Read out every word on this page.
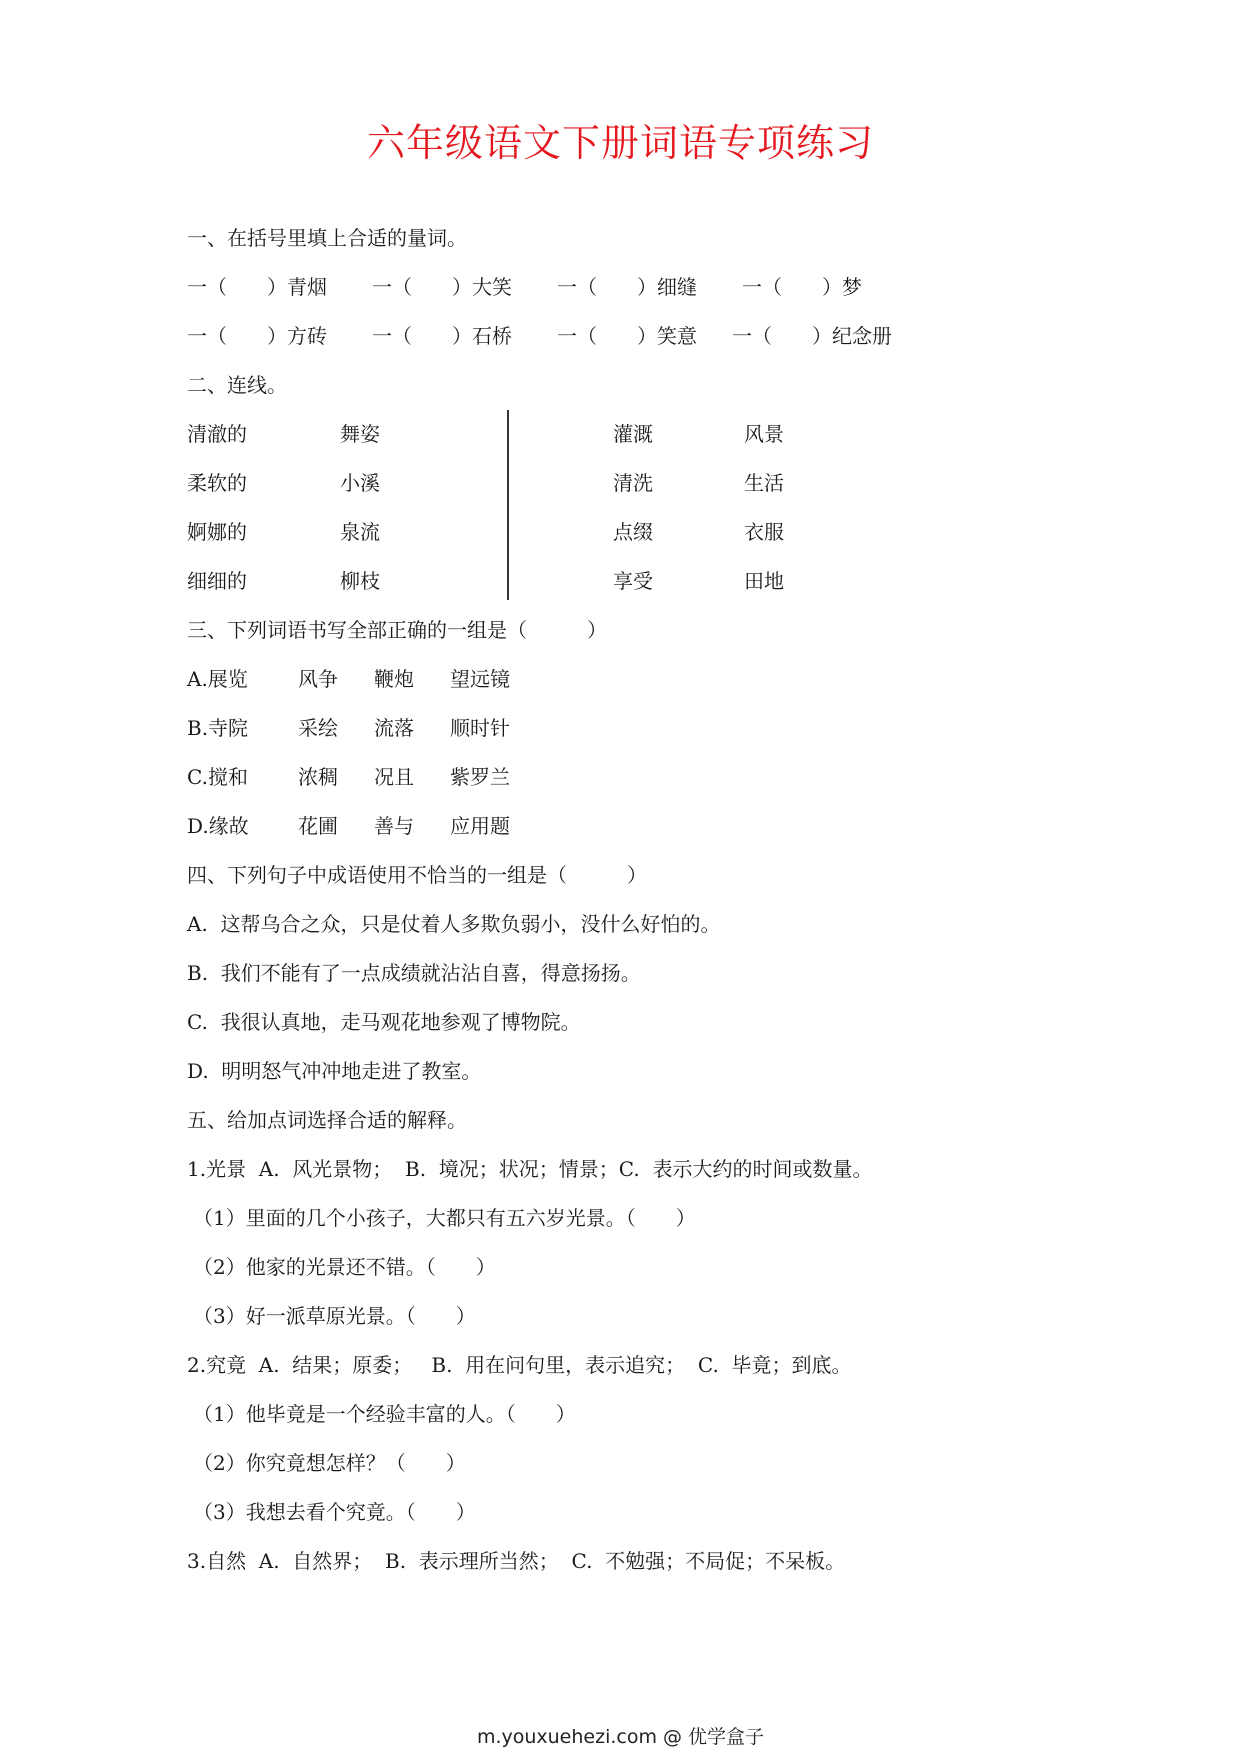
六年级语文下册词语专项练习
一、在括号里填上合适的量词。
一（　　）青烟 一（　　）大笑 一（　　）细缝 一（　　）梦
一（　　）方砖 一（　　）石桥 一（　　）笑意 一（　　）纪念册
二、连线。
清澈的	舞姿	灌溉	风景
柔软的	小溪	清洗	生活
婀娜的	泉流	点缀	衣服
细细的	柳枝	享受	田地
三、下列词语书写全部正确的一组是（　　　）
A.展览	风争 鞭炮 望远镜
B.寺院 采绘 流落 顺时针
C.搅和	浓稠 况且 紫罗兰
D.缘故 花圃 善与 应用题
四、下列句子中成语使用不恰当的一组是（　　　）
A.  这帮乌合之众，只是仗着人多欺负弱小，没什么好怕的。
B.  我们不能有了一点成绩就沾沾自喜，得意扬扬。
C.  我很认真地，走马观花地参观了博物院。
D.  明明怒气冲冲地走进了教室。
五、给加点词选择合适的解释。
1.光景  A.  风光景物；  B.  境况；状况；情景；C.  表示大约的时间或数量。
（1）里面的几个小孩子，大都只有五六岁光景。（　　）
（2）他家的光景还不错。（　　）
（3）好一派草原光景。（　　）
2.究竟  A.  结果；原委；   B.  用在问句里，表示追究；  C.  毕竟；到底。
（1）他毕竟是一个经验丰富的人。（　　）
（2）你究竟想怎样？（　　）
（3）我想去看个究竟。（　　）
3.自然  A.  自然界；  B.  表示理所当然；  C.  不勉强；不局促；不呆板。
m.youxuehezi.com @ 优学盒子
